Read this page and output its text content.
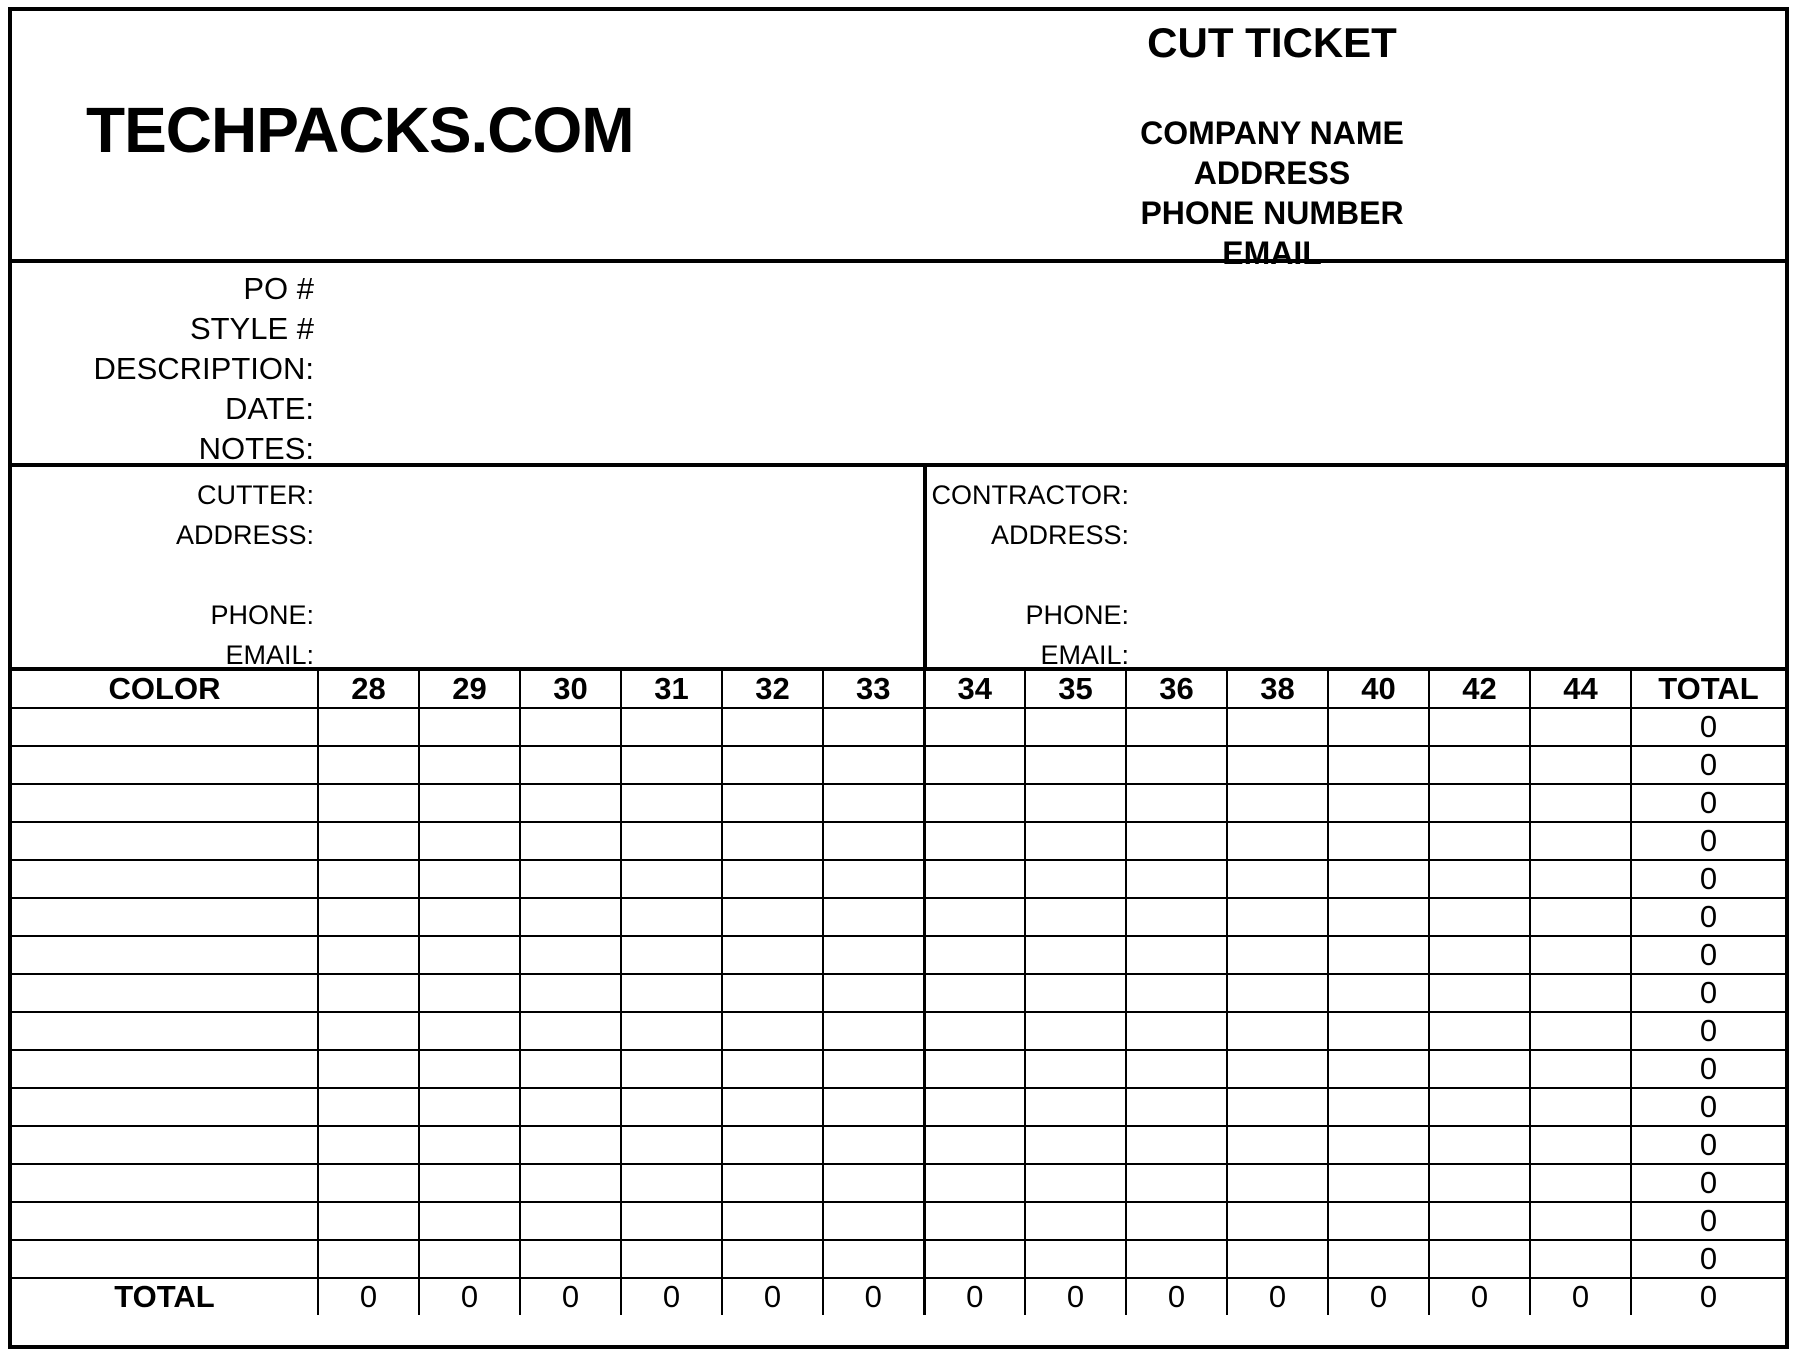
TECHPACKS.COM
CUT TICKET
COMPANY NAME
ADDRESS
PHONE NUMBER
EMAIL
PO #
STYLE #
DESCRIPTION:
DATE:
NOTES:
CUTTER:
ADDRESS:

PHONE:
EMAIL:
CONTRACTOR:
ADDRESS:

PHONE:
EMAIL:
COLOR	28	29	30	31	32	33	34	35	36	38	40	42	44	TOTAL
														0
														0
														0
														0
														0
														0
														0
														0
														0
														0
														0
														0
														0
														0
														0
TOTAL	0	0	0	0	0	0	0	0	0	0	0	0	0	0
